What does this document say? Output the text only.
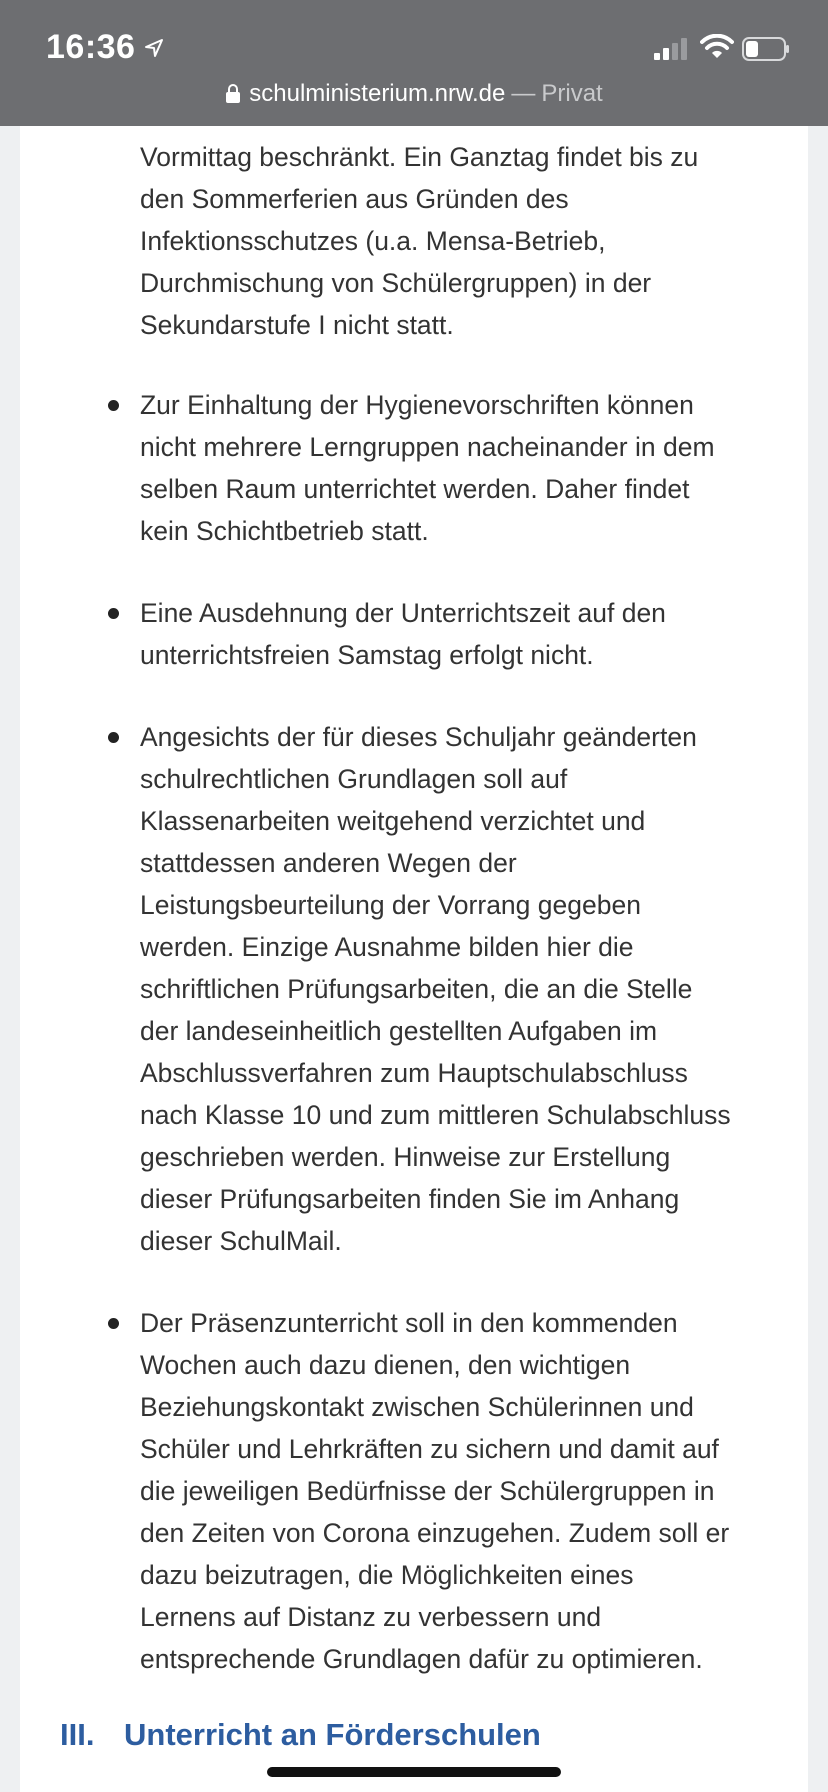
Vormittag beschränkt. Ein Ganztag findet bis zu
den Sommerferien aus Gründen des
Infektionsschutzes (u.a. Mensa-Betrieb,
Durchmischung von Schülergruppen) in der
Sekundarstufe I nicht statt.
Zur Einhaltung der Hygienevorschriften können
nicht mehrere Lerngruppen nacheinander in dem
selben Raum unterrichtet werden. Daher findet
kein Schichtbetrieb statt.
Eine Ausdehnung der Unterrichtszeit auf den
unterrichtsfreien Samstag erfolgt nicht.
Angesichts der für dieses Schuljahr geänderten
schulrechtlichen Grundlagen soll auf
Klassenarbeiten weitgehend verzichtet und
stattdessen anderen Wegen der
Leistungsbeurteilung der Vorrang gegeben
werden. Einzige Ausnahme bilden hier die
schriftlichen Prüfungsarbeiten, die an die Stelle
der landeseinheitlich gestellten Aufgaben im
Abschlussverfahren zum Hauptschulabschluss
nach Klasse 10 und zum mittleren Schulabschluss
geschrieben werden. Hinweise zur Erstellung
dieser Prüfungsarbeiten finden Sie im Anhang
dieser SchulMail.
Der Präsenzunterricht soll in den kommenden
Wochen auch dazu dienen, den wichtigen
Beziehungskontakt zwischen Schülerinnen und
Schüler und Lehrkräften zu sichern und damit auf
die jeweiligen Bedürfnisse der Schülergruppen in
den Zeiten von Corona einzugehen. Zudem soll er
dazu beizutragen, die Möglichkeiten eines
Lernens auf Distanz zu verbessern und
entsprechende Grundlagen dafür zu optimieren.
III. Unterricht an Förderschulen
16:36
schulministerium.nrw.de — Privat
